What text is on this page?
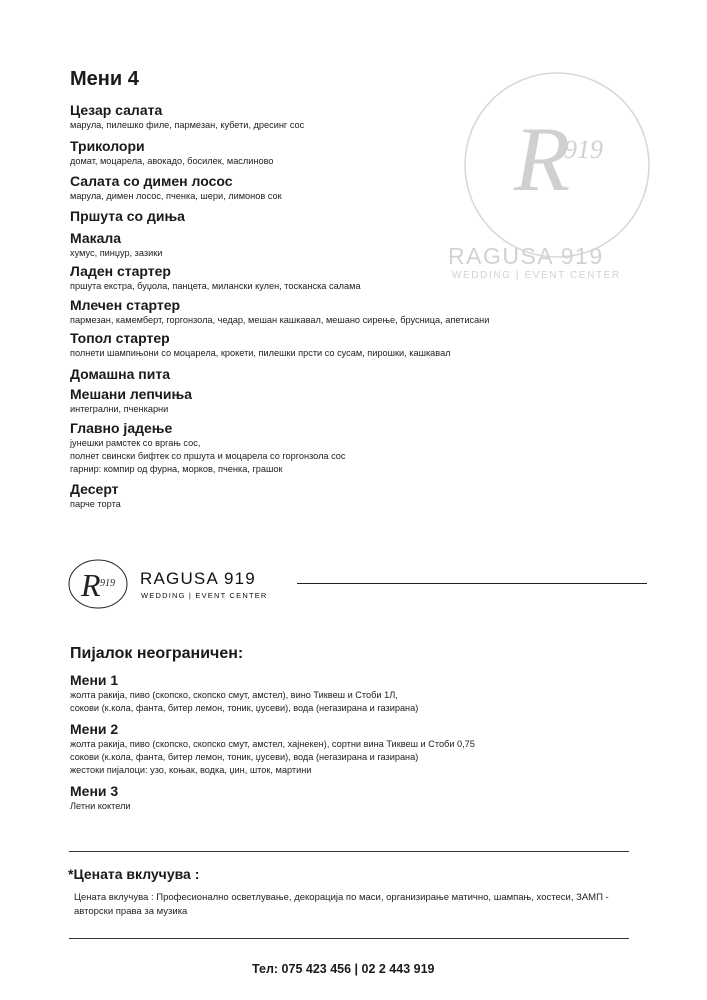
R
919
RAGUSA 919
WEDDING | EVENT CENTER
Мени 4
Цезар салата
марула, пилешко филе, пармезан, кубети, дресинг сос
Триколори
домат, моцарела, авокадо, босилек, маслиново
Салата со димен лосос
марула, димен лосос, пченка, шери, лимонов сок
Пршута со диња
Макала
хумус, пинџур, зазики
Ладен стартер
пршута екстра, буџола, панцета, милански кулен, тосканска салама
Млечен стартер
пармезан, камемберт, горгонзола, чедар, мешан кашкавал, мешано сирење, брусница, апетисани
Топол стартер
полнети шампињони со моцарела, крокети, пилешки прсти со сусам, пирошки, кашкавал
Домашна пита
Мешани лепчиња
интегрални, пченкарни
Главно јадење
јунешки рамстек со вргањ сос,
полнет свински бифтек со пршута и моцарела со горгонзола сос
гарнир: компир од фурна, морков, пченка, грашок
Десерт
парче торта
R 919 RAGUSA 919
WEDDING | EVENT CENTER
Пијалок неограничен:
Мени 1
жолта ракија, пиво (скопско, скопско смут, амстел), вино Тиквеш и Стоби 1Л,
сокови (к.кола, фанта, битер лемон, тоник, џусеви), вода (негазирана и газирана)
Мени 2
жолта ракија, пиво (скопско, скопско смут, амстел, хајнекен), сортни вина Тиквеш и Стоби 0,75
сокови (к.кола, фанта, битер лемон, тоник, џусеви), вода (негазирана и газирана)
жестоки пијалоци: узо, коњак, водка, џин, шток, мартини
Мени 3
Летни коктели
*Цената вклучува :
Цената вклучува : Професионално осветлување, декорација по маси, организирање матично, шампањ, хостеси, ЗАМП - авторски права за музика
Тел: 075 423 456 | 02 2 443 919
